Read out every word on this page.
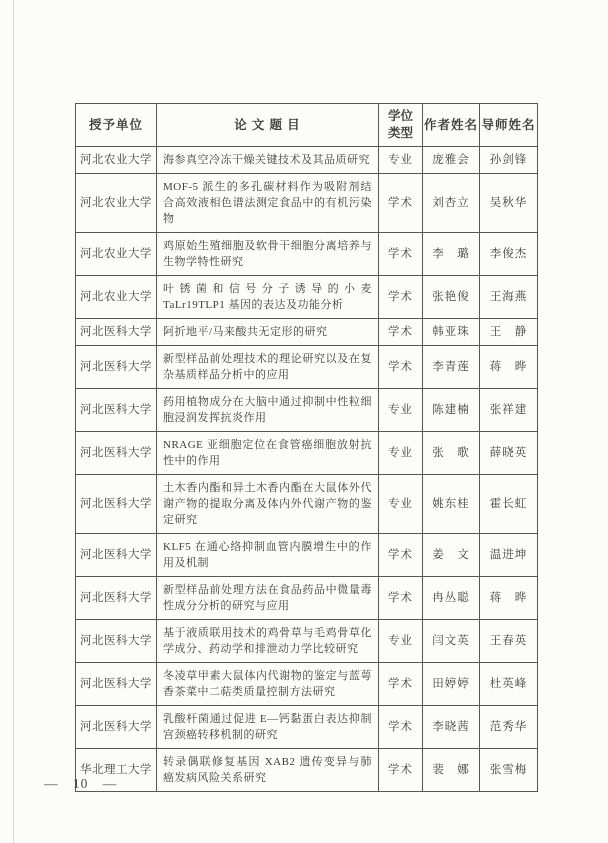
授予单位	论 文 题 目	学位类型	作者姓名	导师姓名
河北农业大学	海参真空冷冻干燥关键技术及其品质研究	专业	庞雅会	孙剑锋
河北农业大学	MOF-5 派生的多孔碳材料作为吸附剂结合高效液相色谱法测定食品中的有机污染物	学术	刘杏立	吴秋华
河北农业大学	鸡原始生殖细胞及软骨干细胞分离培养与生物学特性研究	学术	李　璐	李俊杰
河北农业大学	叶锈菌和信号分子诱导的小麦TaLr19TLP1 基因的表达及功能分析	学术	张艳俊	王海燕
河北医科大学	阿折地平/马来酸共无定形的研究	学术	韩亚珠	王　静
河北医科大学	新型样品前处理技术的理论研究以及在复杂基质样品分析中的应用	学术	李青莲	蒋　晔
河北医科大学	药用植物成分在大脑中通过抑制中性粒细胞浸润发挥抗炎作用	专业	陈建楠	张祥建
河北医科大学	NRAGE 亚细胞定位在食管癌细胞放射抗性中的作用	专业	张　歌	薛晓英
河北医科大学	土木香内酯和异土木香内酯在大鼠体外代谢产物的提取分离及体内外代谢产物的鉴定研究	专业	姚东桂	霍长虹
河北医科大学	KLF5 在通心络抑制血管内膜增生中的作用及机制	学术	姜　文	温进坤
河北医科大学	新型样品前处理方法在食品药品中微量毒性成分分析的研究与应用	学术	冉丛聪	蒋　晔
河北医科大学	基于液质联用技术的鸡骨草与毛鸡骨草化学成分、药动学和排泄动力学比较研究	专业	闫文英	王春英
河北医科大学	冬凌草甲素大鼠体内代谢物的鉴定与蓝萼香茶菜中二萜类质量控制方法研究	学术	田婷婷	杜英峰
河北医科大学	乳酸杆菌通过促进 E—钙黏蛋白表达抑制宫颈癌转移机制的研究	学术	李晓茜	范秀华
华北理工大学	转录偶联修复基因 XAB2 遗传变异与肺癌发病风险关系研究	学术	裴　娜	张雪梅
— 10 —
